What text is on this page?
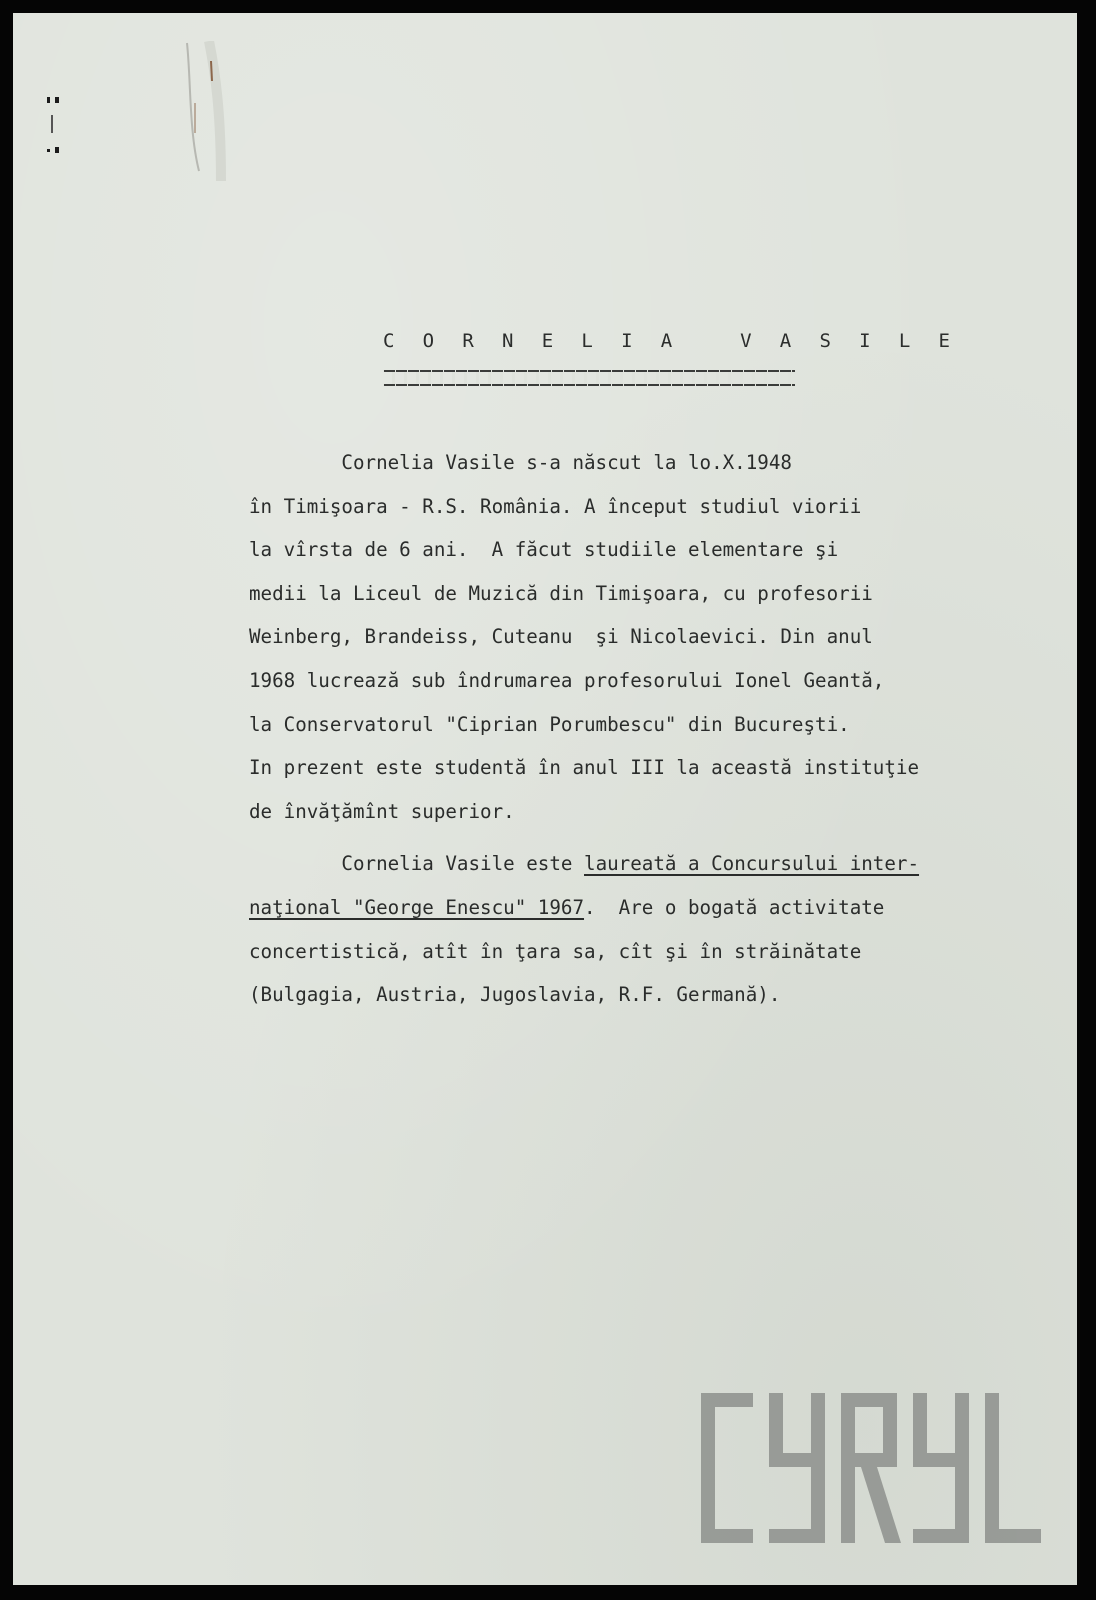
C O R N E L I A   V A S I L E
Cornelia Vasile s-a născut la lo.X.1948
în Timişoara - R.S. România. A început studiul viorii
la vîrsta de 6 ani.  A făcut studiile elementare şi
medii la Liceul de Muzică din Timişoara, cu profesorii
Weinberg, Brandeiss, Cuteanu  şi Nicolaevici. Din anul
1968 lucrează sub îndrumarea profesorului Ionel Geantă,
la Conservatorul "Ciprian Porumbescu" din Bucureşti.
In prezent este studentă în anul III la această instituţie
de învăţămînt superior.
Cornelia Vasile este laureată a Concursului inter-
naţional "George Enescu" 1967.  Are o bogată activitate
concertistică, atît în ţara sa, cît şi în străinătate
(Bulgagia, Austria, Jugoslavia, R.F. Germană).
